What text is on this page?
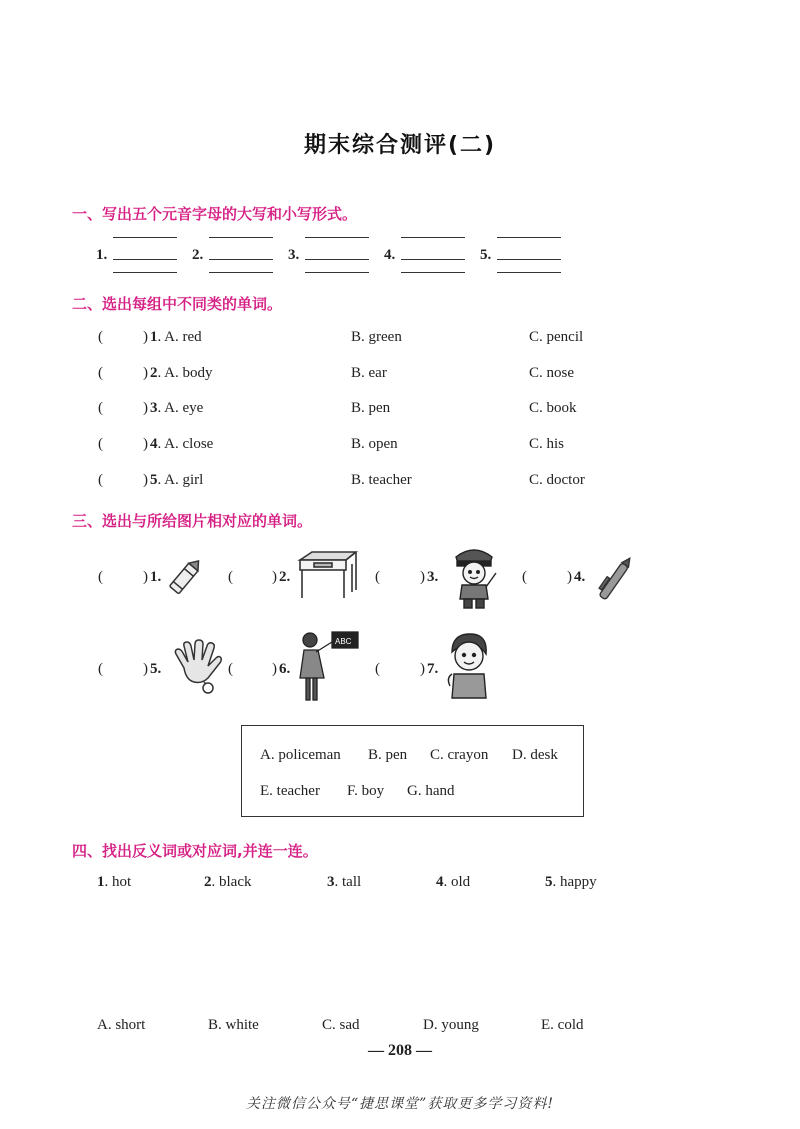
期末综合测评(二)
一、写出五个元音字母的大写和小写形式。
1.	2.	3.	4.	5.
二、选出每组中不同类的单词。
(	) 1. A. red	B. green	C. pencil
(	) 2. A. body	B. ear	C. nose
(	) 3. A. eye	B. pen	C. book
(	) 4. A. close	B. open	C. his
(	) 5. A. girl	B. teacher	C. doctor
三、选出与所给图片相对应的单词。
(	) 1.	(	) 2.	(	) 3.	(	) 4.
(	) 5.	(	) 6.
ABC
(	) 7.
A. policeman B. pen C. crayon D. desk
E. teacher F. boy G. hand
四、找出反义词或对应词,并连一连。
1. hot	2. black	3. tall	4. old	5. happy
A. short	B. white	C. sad	D. young	E. cold
— 208 —
关注微信公众号“捷思课堂”获取更多学习资料!
